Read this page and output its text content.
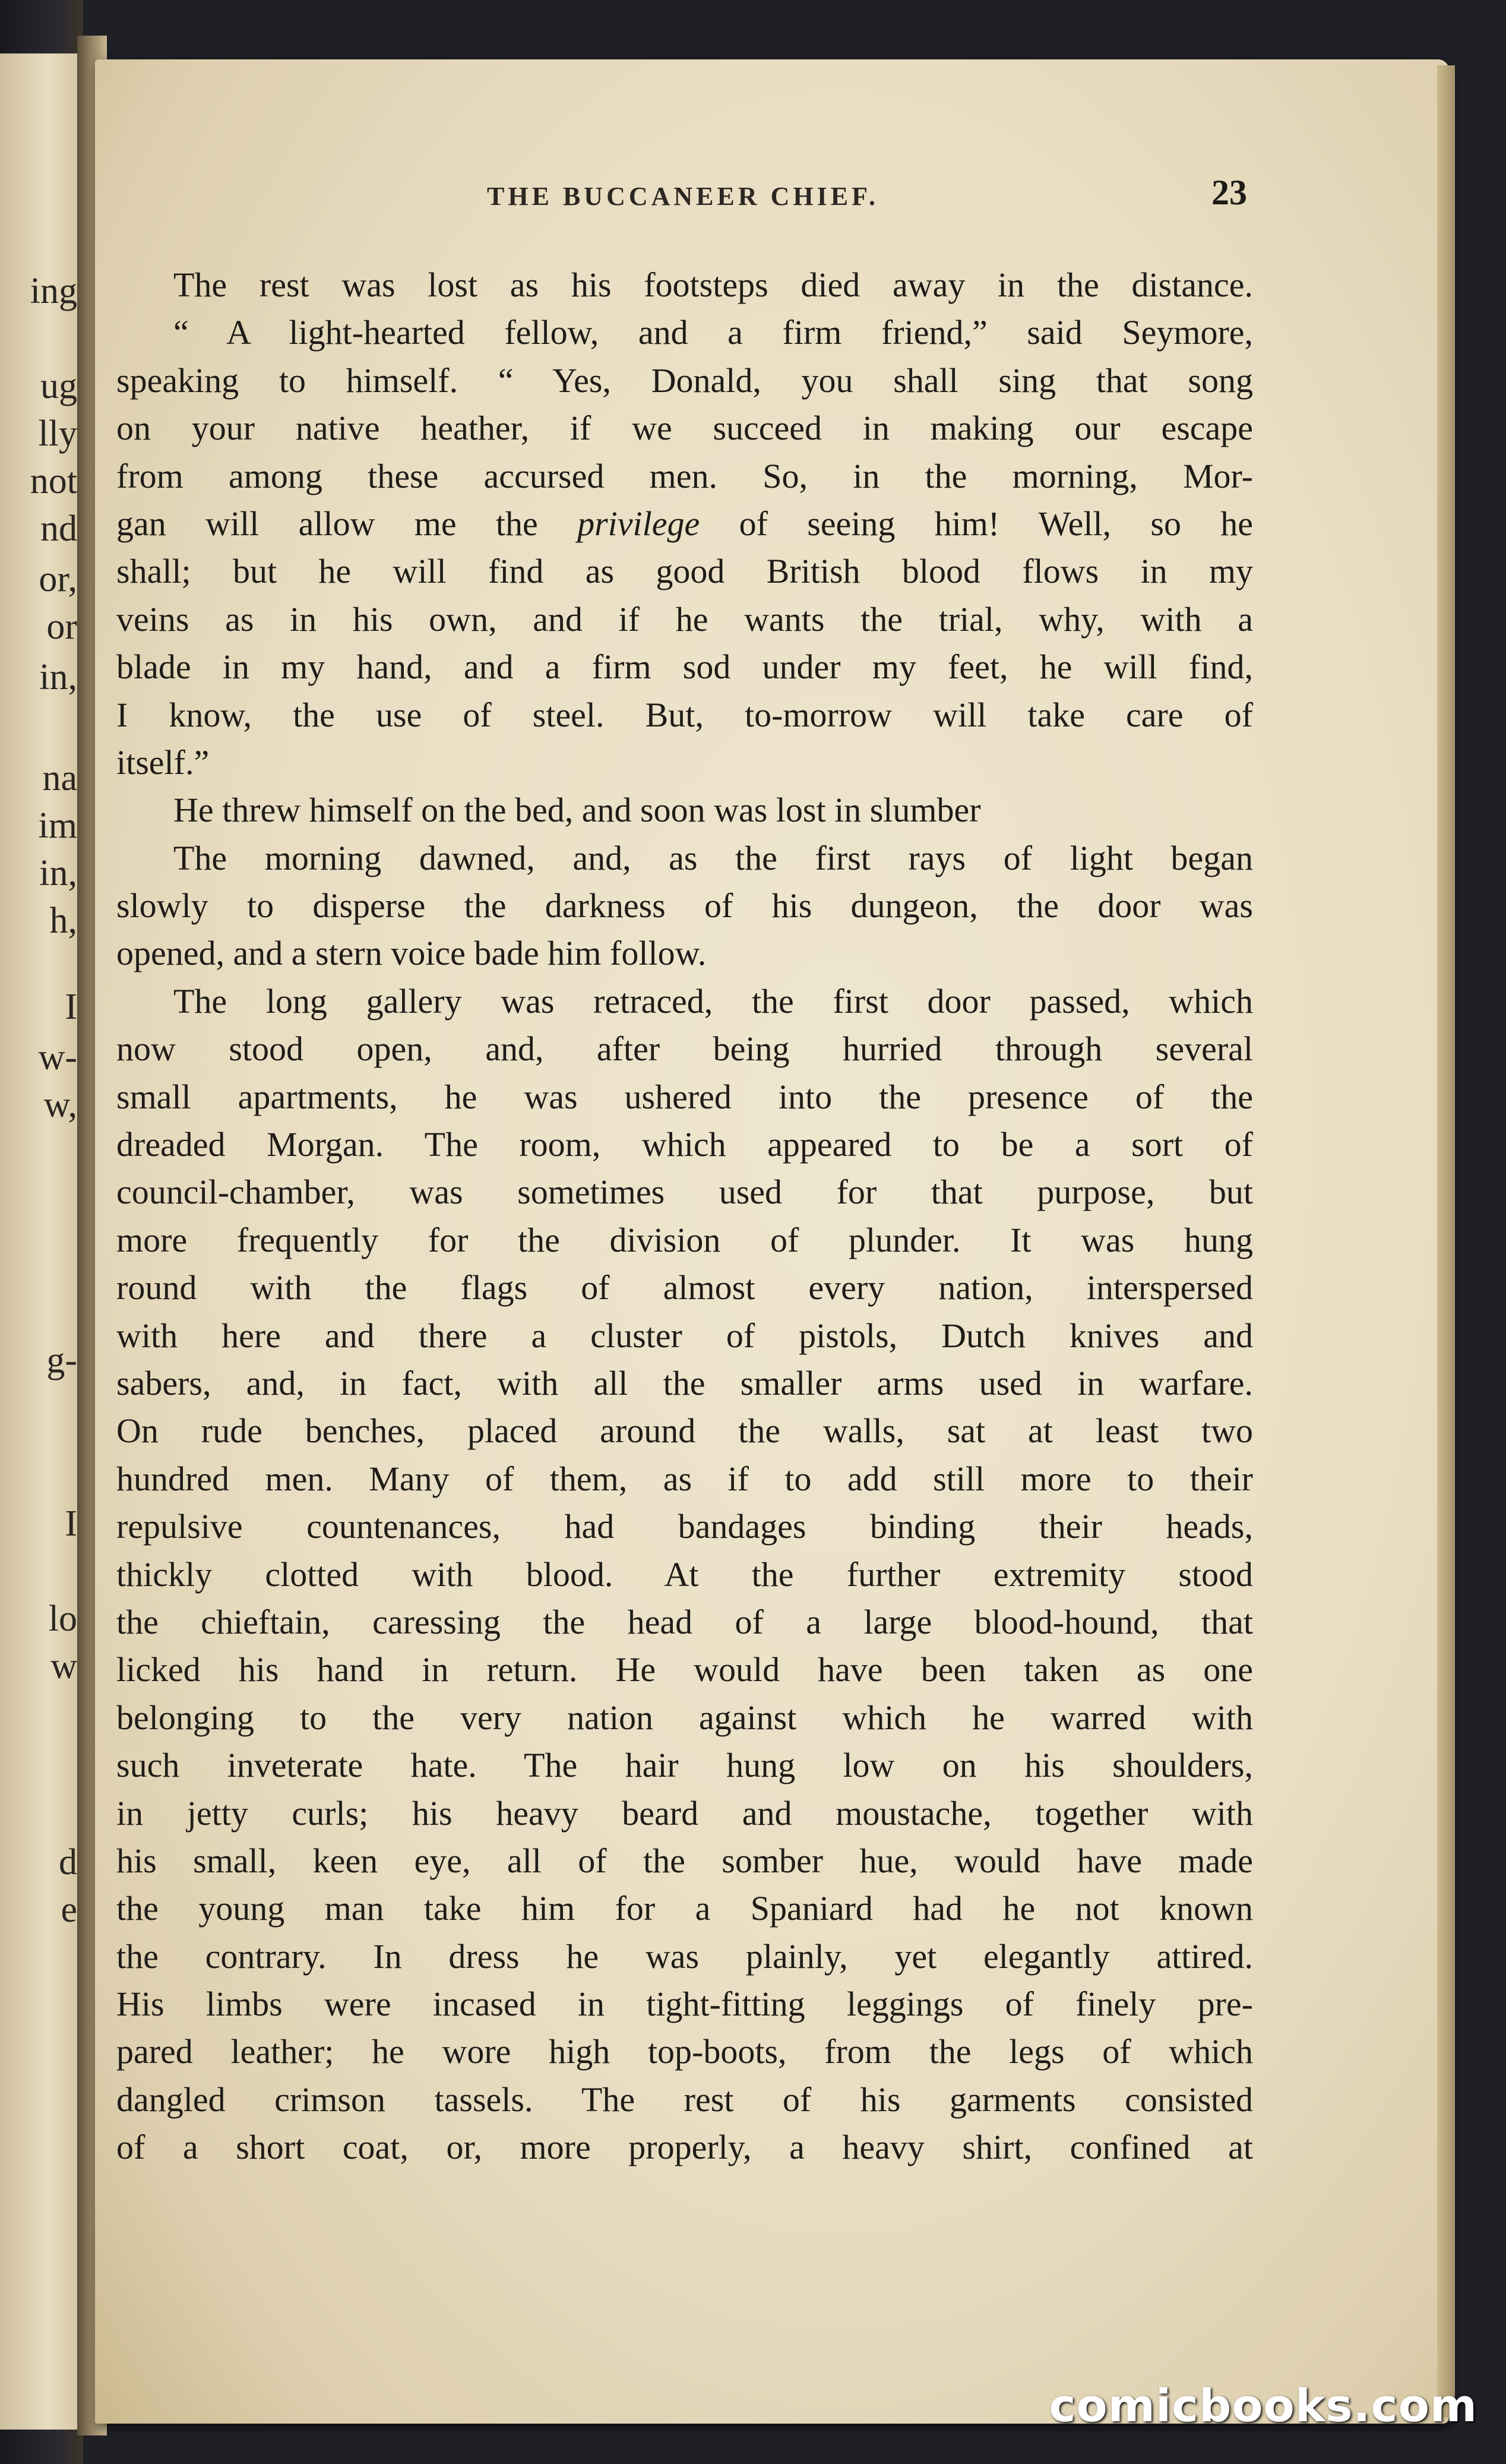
ing
ug
lly
not
nd
or,
or
in,
na
im
in,
h,
I
w-
w,
g-
I
lo
w
d
e
THE BUCCANEER CHIEF.	23
The rest was lost as his footsteps died away in the distance.
“ A light-hearted fellow, and a firm friend,” said Seymore,
speaking to himself. “ Yes, Donald, you shall sing that song
on your native heather, if we succeed in making our escape
from among these accursed men. So, in the morning, Mor-
gan will allow me the privilege of seeing him! Well, so he
shall; but he will find as good British blood flows in my
veins as in his own, and if he wants the trial, why, with a
blade in my hand, and a firm sod under my feet, he will find,
I know, the use of steel. But, to-morrow will take care of
itself.”
He threw himself on the bed, and soon was lost in slumber
The morning dawned, and, as the first rays of light began
slowly to disperse the darkness of his dungeon, the door was
opened, and a stern voice bade him follow.
The long gallery was retraced, the first door passed, which
now stood open, and, after being hurried through several
small apartments, he was ushered into the presence of the
dreaded Morgan. The room, which appeared to be a sort of
council-chamber, was sometimes used for that purpose, but
more frequently for the division of plunder. It was hung
round with the flags of almost every nation, interspersed
with here and there a cluster of pistols, Dutch knives and
sabers, and, in fact, with all the smaller arms used in warfare.
On rude benches, placed around the walls, sat at least two
hundred men. Many of them, as if to add still more to their
repulsive countenances, had bandages binding their heads,
thickly clotted with blood. At the further extremity stood
the chieftain, caressing the head of a large blood-hound, that
licked his hand in return. He would have been taken as one
belonging to the very nation against which he warred with
such inveterate hate. The hair hung low on his shoulders,
in jetty curls; his heavy beard and moustache, together with
his small, keen eye, all of the somber hue, would have made
the young man take him for a Spaniard had he not known
the contrary. In dress he was plainly, yet elegantly attired.
His limbs were incased in tight-fitting leggings of finely pre-
pared leather; he wore high top-boots, from the legs of which
dangled crimson tassels. The rest of his garments consisted
of a short coat, or, more properly, a heavy shirt, confined at
comicbooks.com
